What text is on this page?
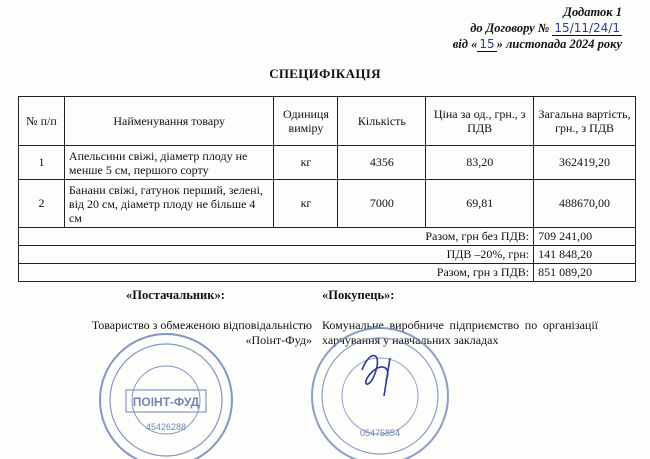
Додаток 1
до Договору № 15/11/24/1
від « 15 » листопада 2024 року
СПЕЦИФІКАЦІЯ
№ п/п	Найменування товару	Одиниця виміру	Кількість	Ціна за од., грн., з ПДВ	Загальна вартість, грн., з ПДВ
1	Апельсини свіжі, діаметр плоду не менше 5 см, першого сорту	кг	4356	83,20	362419,20
2	Банани свіжі, гатунок перший, зелені, від 20 см, діаметр плоду не більше 4 см	кг	7000	69,81	488670,00
Разом, грн без ПДВ:					709 241,00
ПДВ –20%, грн:					141 848,20
Разом, грн з ПДВ:					851 089,20
«Постачальник»:	«Покупець»:
Товариство з обмеженою відповідальністю «Поінт-Фуд»
Комунальне виробниче підприємство по організації харчування у навчальних закладах
ПОІНТ-ФУД
45426288
05475854
